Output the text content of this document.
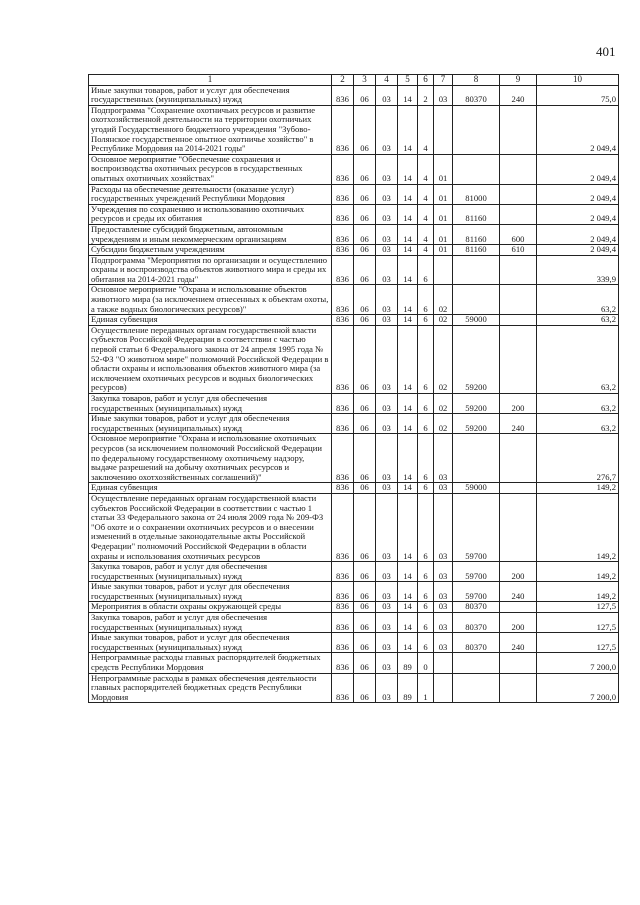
401
1	2	3	4	5	6	7	8	9	10
Иные закупки товаров, работ и услуг для обеспечения государственных (муниципальных) нужд	836	06	03	14	2	03	80370	240	75,0
Подпрограмма "Сохранение охотничьих ресурсов и развитие охотхозяйственной деятельности на территории охотничьих угодий Государственного бюджетного учреждения "Зубово-Полянское государственное опытное охотничье хозяйство" в Республике Мордовия на 2014-2021 годы"	836	06	03	14	4				2 049,4
Основное мероприятие "Обеспечение сохранения и воспроизводства охотничьих ресурсов в государственных опытных охотничьих хозяйствах"	836	06	03	14	4	01			2 049,4
Расходы на обеспечение деятельности (оказание услуг) государственных учреждений Республики Мордовия	836	06	03	14	4	01	81000		2 049,4
Учреждения по сохранению и использованию охотничьих ресурсов и среды их обитания	836	06	03	14	4	01	81160		2 049,4
Предоставление субсидий бюджетным, автономным учреждениям и иным некоммерческим организациям	836	06	03	14	4	01	81160	600	2 049,4
Субсидии бюджетным учреждениям	836	06	03	14	4	01	81160	610	2 049,4
Подпрограмма "Мероприятия по организации и осуществлению охраны и воспроизводства объектов животного мира и среды их обитания на 2014-2021 годы"	836	06	03	14	6				339,9
Основное мероприятие "Охрана и использование объектов животного мира (за исключением отнесенных к объектам охоты, а также водных биологических ресурсов)"	836	06	03	14	6	02			63,2
Единая субвенция	836	06	03	14	6	02	59000		63,2
Осуществление переданных органам государственной власти субъектов Российской Федерации в соответствии с частью первой статьи 6 Федерального закона от 24 апреля 1995 года № 52-ФЗ "О животном мире" полномочий Российской Федерации в области охраны и использования объектов животного мира (за исключением охотничьих ресурсов и водных биологических ресурсов)	836	06	03	14	6	02	59200		63,2
Закупка товаров, работ и услуг для обеспечения государственных (муниципальных) нужд	836	06	03	14	6	02	59200	200	63,2
Иные закупки товаров, работ и услуг для обеспечения государственных (муниципальных) нужд	836	06	03	14	6	02	59200	240	63,2
Основное мероприятие "Охрана и использование охотничьих ресурсов (за исключением полномочий Российской Федерации по федеральному государственному охотничьему надзору, выдаче разрешений на добычу охотничьих ресурсов и заключению охотхозяйственных соглашений)"	836	06	03	14	6	03			276,7
Единая субвенция	836	06	03	14	6	03	59000		149,2
Осуществление переданных органам государственной власти субъектов Российской Федерации в соответствии с частью 1 статьи 33 Федерального закона от 24 июля 2009 года № 209-ФЗ "Об охоте и о сохранении охотничьих ресурсов и о внесении изменений в отдельные законодательные акты Российской Федерации" полномочий Российской Федерации в области охраны и использования охотничьих ресурсов	836	06	03	14	6	03	59700		149,2
Закупка товаров, работ и услуг для обеспечения государственных (муниципальных) нужд	836	06	03	14	6	03	59700	200	149,2
Иные закупки товаров, работ и услуг для обеспечения государственных (муниципальных) нужд	836	06	03	14	6	03	59700	240	149,2
Мероприятия в области охраны окружающей среды	836	06	03	14	6	03	80370		127,5
Закупка товаров, работ и услуг для обеспечения государственных (муниципальных) нужд	836	06	03	14	6	03	80370	200	127,5
Иные закупки товаров, работ и услуг для обеспечения государственных (муниципальных) нужд	836	06	03	14	6	03	80370	240	127,5
Непрограммные расходы главных распорядителей бюджетных средств Республики Мордовия	836	06	03	89	0				7 200,0
Непрограммные расходы в рамках обеспечения деятельности главных распорядителей бюджетных средств Республики Мордовия	836	06	03	89	1				7 200,0
